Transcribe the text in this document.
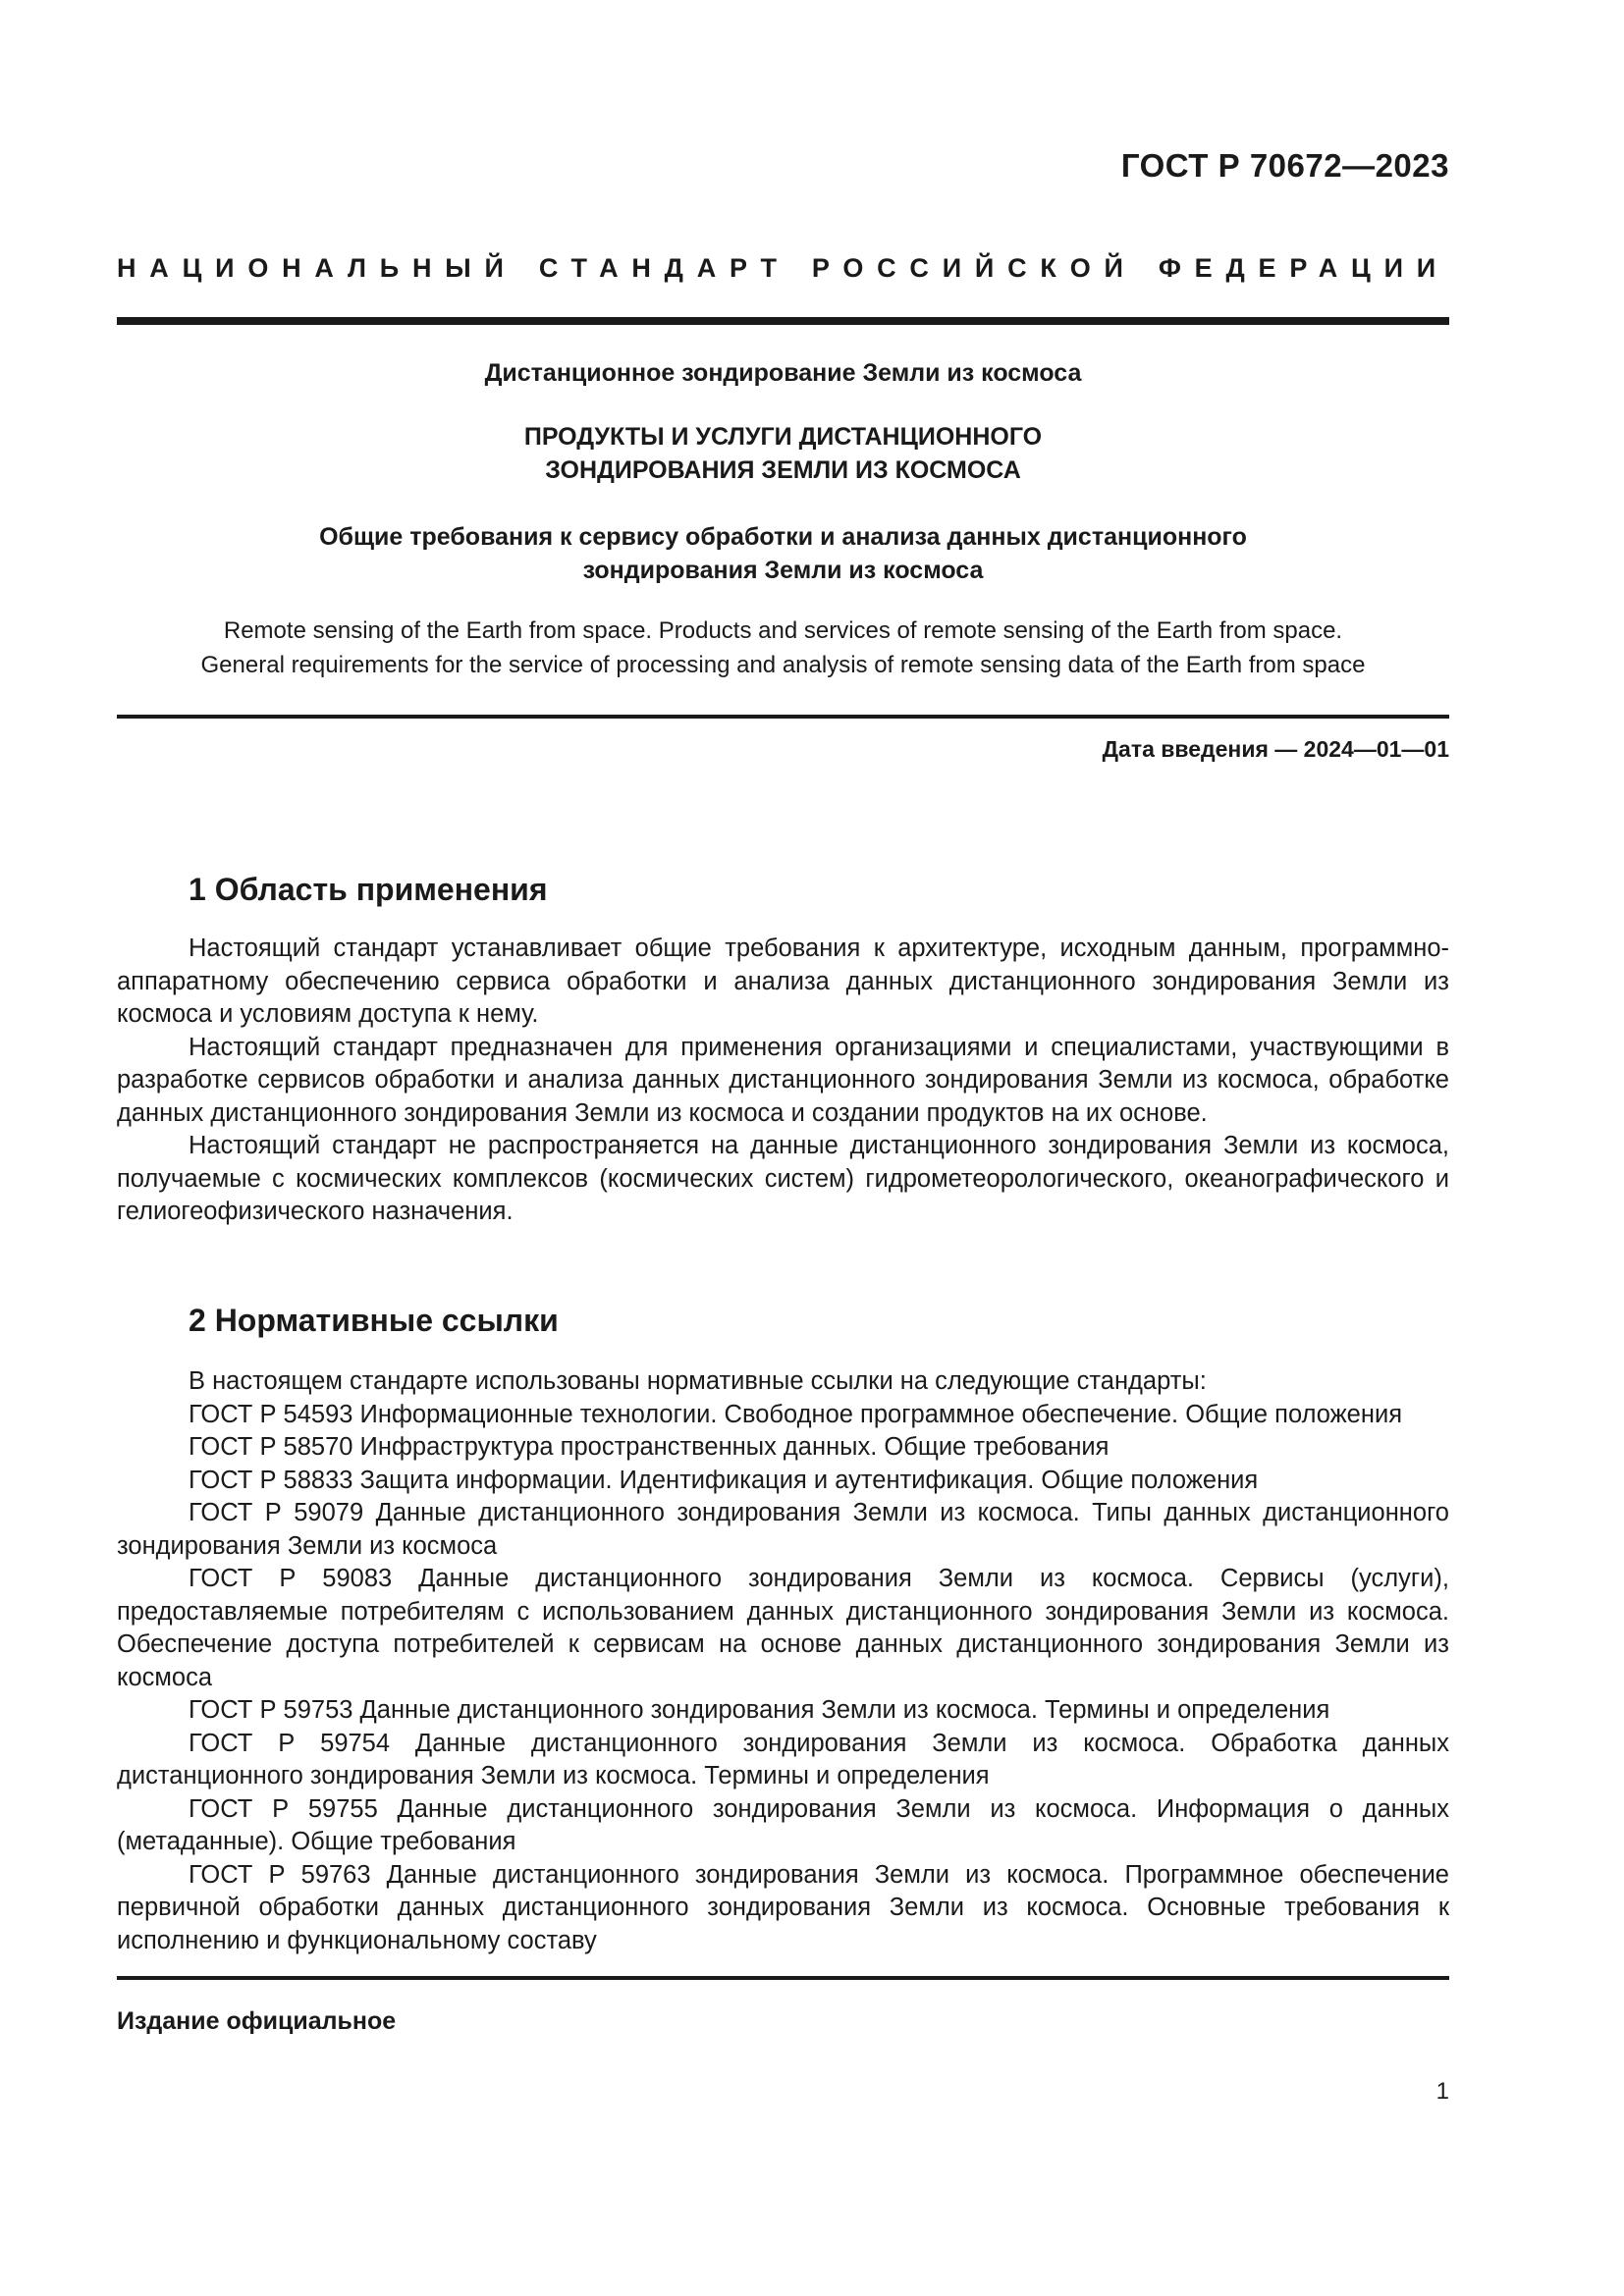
ГОСТ Р 70672—2023
НАЦИОНАЛЬНЫЙ СТАНДАРТ РОССИЙСКОЙ ФЕДЕРАЦИИ
Дистанционное зондирование Земли из космоса
ПРОДУКТЫ И УСЛУГИ ДИСТАНЦИОННОГО
ЗОНДИРОВАНИЯ ЗЕМЛИ ИЗ КОСМОСА
Общие требования к сервису обработки и анализа данных дистанционного
зондирования Земли из космоса
Remote sensing of the Earth from space. Products and services of remote sensing of the Earth from space.
General requirements for the service of processing and analysis of remote sensing data of the Earth from space
Дата введения — 2024—01—01
1 Область применения

Настоящий стандарт устанавливает общие требования к архитектуре, исходным данным, программно-аппаратному обеспечению сервиса обработки и анализа данных дистанционного зондирования Земли из космоса и условиям доступа к нему.

Настоящий стандарт предназначен для применения организациями и специалистами, участвующими в разработке сервисов обработки и анализа данных дистанционного зондирования Земли из космоса, обработке данных дистанционного зондирования Земли из космоса и создании продуктов на их основе.

Настоящий стандарт не распространяется на данные дистанционного зондирования Земли из космоса, получаемые с космических комплексов (космических систем) гидрометеорологического, океанографического и гелиогеофизического назначения.

2 Нормативные ссылки

В настоящем стандарте использованы нормативные ссылки на следующие стандарты:

ГОСТ Р 54593 Информационные технологии. Свободное программное обеспечение. Общие положения

ГОСТ Р 58570 Инфраструктура пространственных данных. Общие требования

ГОСТ Р 58833 Защита информации. Идентификация и аутентификация. Общие положения

ГОСТ Р 59079 Данные дистанционного зондирования Земли из космоса. Типы данных дистанционного зондирования Земли из космоса

ГОСТ Р 59083 Данные дистанционного зондирования Земли из космоса. Сервисы (услуги), предоставляемые потребителям с использованием данных дистанционного зондирования Земли из космоса. Обеспечение доступа потребителей к сервисам на основе данных дистанционного зондирования Земли из космоса

ГОСТ Р 59753 Данные дистанционного зондирования Земли из космоса. Термины и определения

ГОСТ Р 59754 Данные дистанционного зондирования Земли из космоса. Обработка данных дистанционного зондирования Земли из космоса. Термины и определения

ГОСТ Р 59755 Данные дистанционного зондирования Земли из космоса. Информация о данных (метаданные). Общие требования

ГОСТ Р 59763 Данные дистанционного зондирования Земли из космоса. Программное обеспечение первичной обработки данных дистанционного зондирования Земли из космоса. Основные требования к исполнению и функциональному составу

Издание официальное
1
